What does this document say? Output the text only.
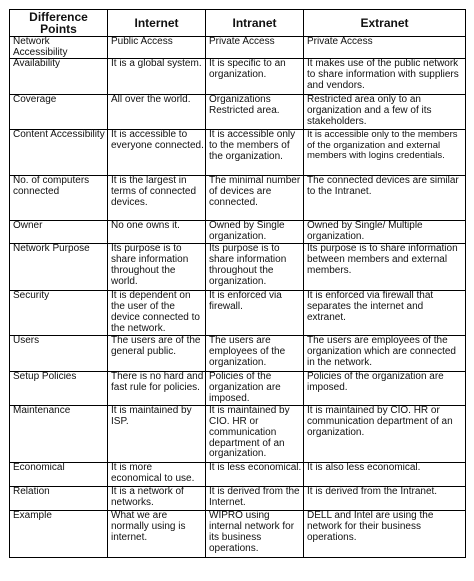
Difference Points	Internet	Intranet	Extranet
Network Accessibility	Public Access	Private Access	Private Access
Availability	It is a global system.	It is specific to an organization.	It makes use of the public network to share information with suppliers and vendors.
Coverage	All over the world.	Organizations Restricted area.	Restricted area only to an organization and a few of its stakeholders.
Content Accessibility	It is accessible to everyone connected.	It is accessible only to the members of the organization.	It is accessible only to the members of the organization and external members with logins credentials.
No. of computers connected	It is the largest in terms of connected devices.	The minimal number of devices are connected.	The connected devices are similar to the Intranet.
Owner	No one owns it.	Owned by Single organization.	Owned by Single/ Multiple organization.
Network Purpose	Its purpose is to share information throughout the world.	Its purpose is to share information throughout the organization.	Its purpose is to share information between members and external members.
Security	It is dependent on the user of the device connected to the network.	It is enforced via firewall.	It is enforced via firewall that separates the internet and extranet.
Users	The users are of the general public.	The users are employees of the organization.	The users are employees of the organization which are connected in the network.
Setup Policies	There is no hard and fast rule for policies.	Policies of the organization are imposed.	Policies of the organization are imposed.
Maintenance	It is maintained by ISP.	It is maintained by CIO. HR or communication department of an organization.	It is maintained by CIO. HR or communication department of an organization.
Economical	It is more economical to use.	It is less economical.	It is also less economical.
Relation	It is a network of networks.	It is derived from the Internet.	It is derived from the Intranet.
Example	What we are normally using is internet.	WIPRO using internal network for its business operations.	DELL and Intel are using the network for their business operations.
